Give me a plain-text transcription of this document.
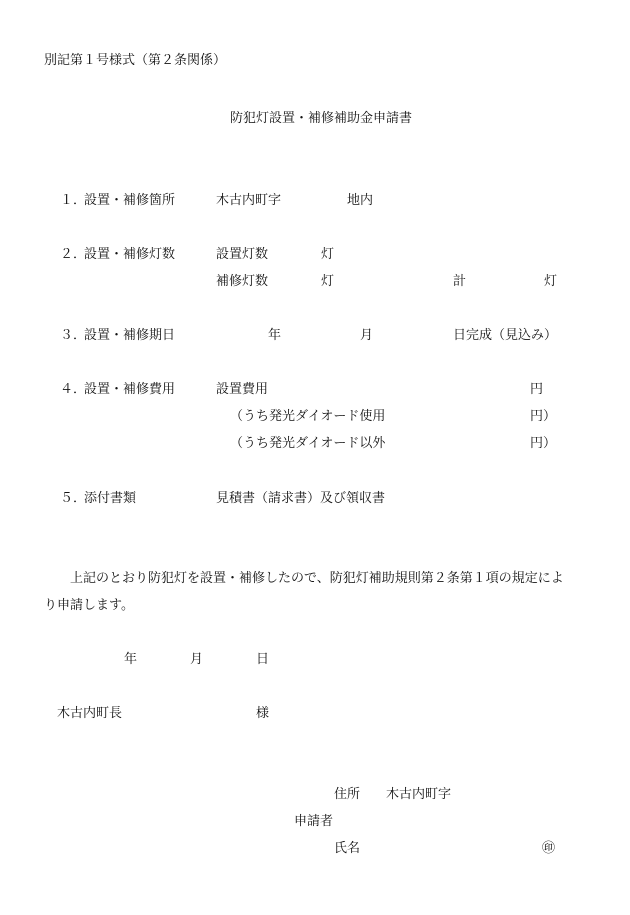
別記第１号様式（第２条関係）
防犯灯設置・補修補助金申請書
１．
設置・補修箇所	木古内町字	地内
２．
設置・補修灯数	設置灯数	灯
補修灯数	灯	計	灯
３．
設置・補修期日	年	月	日完成（見込み）
４．
設置・補修費用	設置費用	円
（うち発光ダイオード使用	円）
（うち発光ダイオード以外	円）
５．
添付書類	見積書（請求書）及び領収書
上記のとおり防犯灯を設置・補修したので、防犯灯補助規則第２条第１項の規定によ
り申請します。
年	月	日
木古内町長	様
住所 木古内町字
申請者
氏名	㊞
